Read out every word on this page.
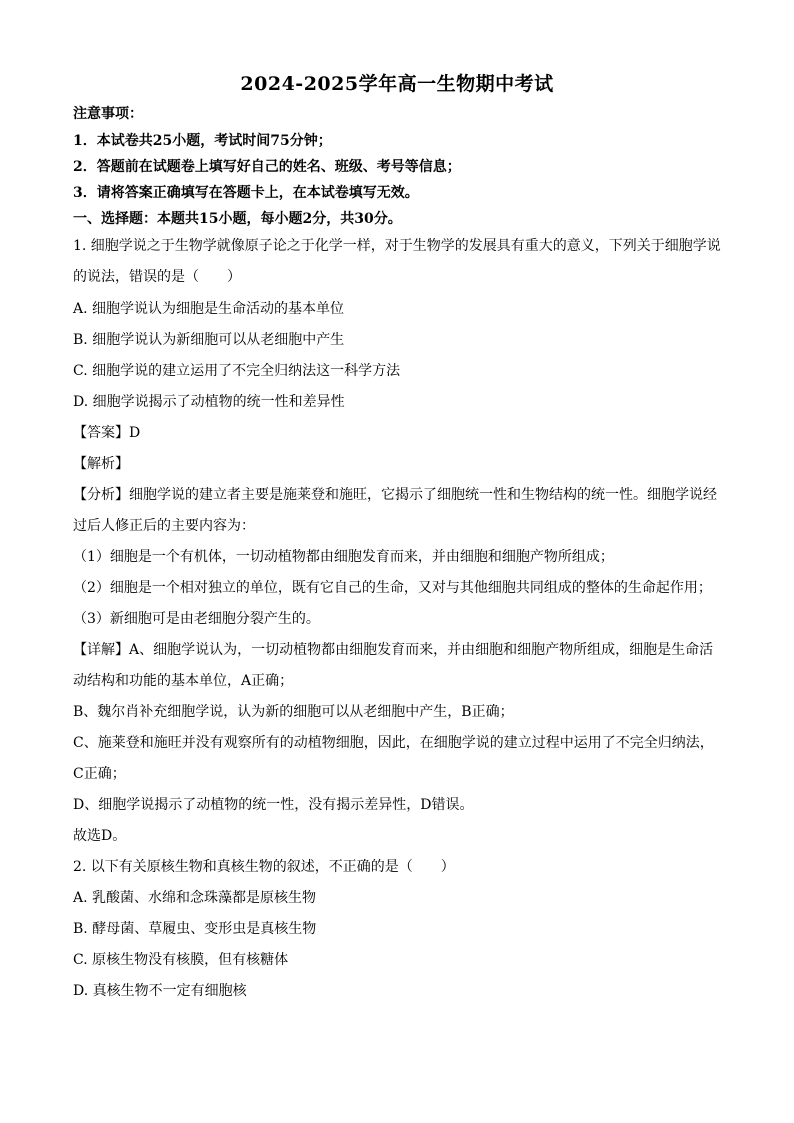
2024-2025学年高一生物期中考试
注意事项：
1．本试卷共25小题，考试时间75分钟；
2．答题前在试题卷上填写好自己的姓名、班级、考号等信息；
3．请将答案正确填写在答题卡上，在本试卷填写无效。
一、选择题：本题共15小题，每小题2分，共30分。
1. 细胞学说之于生物学就像原子论之于化学一样，对于生物学的发展具有重大的意义，下列关于细胞学说
的说法，错误的是（　　）
A. 细胞学说认为细胞是生命活动的基本单位
B. 细胞学说认为新细胞可以从老细胞中产生
C. 细胞学说的建立运用了不完全归纳法这一科学方法
D. 细胞学说揭示了动植物的统一性和差异性
【答案】D
【解析】
【分析】细胞学说的建立者主要是施莱登和施旺，它揭示了细胞统一性和生物结构的统一性。细胞学说经
过后人修正后的主要内容为：
（1）细胞是一个有机体，一切动植物都由细胞发育而来，并由细胞和细胞产物所组成；
（2）细胞是一个相对独立的单位，既有它自己的生命，又对与其他细胞共同组成的整体的生命起作用；
（3）新细胞可是由老细胞分裂产生的。
【详解】A、细胞学说认为，一切动植物都由细胞发育而来，并由细胞和细胞产物所组成，细胞是生命活
动结构和功能的基本单位，A正确；
B、魏尔肖补充细胞学说，认为新的细胞可以从老细胞中产生，B正确；
C、施莱登和施旺并没有观察所有的动植物细胞，因此，在细胞学说的建立过程中运用了不完全归纳法，
C正确；
D、细胞学说揭示了动植物的统一性，没有揭示差异性，D错误。
故选D。
2. 以下有关原核生物和真核生物的叙述，不正确的是（　　）
A. 乳酸菌、水绵和念珠藻都是原核生物
B. 酵母菌、草履虫、变形虫是真核生物
C. 原核生物没有核膜，但有核糖体
D. 真核生物不一定有细胞核
